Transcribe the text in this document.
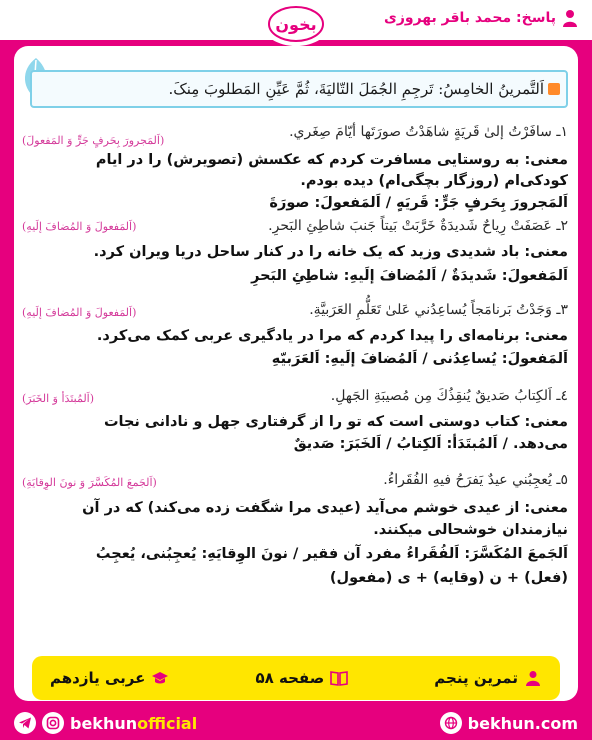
پاسخ: محمد باقر بهروزی
بخون
اَلتَّمرینُ الخامِسُ: تَرجِمِ الجُمَلَ التّالیَةَ، ثُمَّ عَیِّنِ المَطلوبَ مِنکَ.
١ـ سافَرْتُ إلیٰ قَریَةٍ شاهَدْتُ صورَتَها أیّامَ صِغَري.
(اَلمَجرورَ بِحَرفٍ جَرٍّ وَ المَفعولَ)
معنی: به روستایی مسافرت کردم که عکسش (تصویرش) را در ایام
کودکی‌ام (روزگار بچگی‌ام) دیده بودم.
اَلمَجرورَ بِحَرفٍ جَرٍّ: قَریَهٍ / اَلمَفعولَ: صورَةَ
٢ـ عَصَفَتْ رِیاحٌ شَدیدَةٌ خَرَّبَتْ بَیتاً جَنبَ شاطِئِ البَحرِ.
(اَلمَفعولَ وَ المُضافَ إلَیهِ)
معنی: باد شدیدی وزید که یک خانه را در کنار ساحل دریا ویران کرد.
اَلمَفعولَ: شَدیدَةٌ / اَلمُضافَ إلَیهِ: شاطِئِ البَحرِ
٣ـ وَجَدْتُ بَرنامَجاً یُساعِدُني عَلیٰ تَعَلُّمِ العَرَبیَّةِ.
(اَلمَفعولَ وَ المُضافَ إلَیهِ)
معنی: برنامه‌ای را پیدا کردم که مرا در یادگیری عربی کمک می‌کرد.
اَلمَفعولَ: یُساعِدُنی / اَلمُضافَ إلَیهِ: اَلعَرَبیّهِ
٤ـ اَلکِتابُ صَدیقٌ یُنقِذُكَ مِن مُصیبَةِ الجَهلِ.
(اَلمُبتَدَأ وَ الخَبَرَ)
معنی: کتاب دوستی است که تو را از گرفتاری جهل و نادانی نجات
می‌دهد. / اَلمُبتَدَأ: اَلکِتابُ / اَلخَبَرَ: صَدیقٌ
٥ـ یُعجِبُني عیدٌ یَفرَحُ فیهِ الفُقَراءُ.
(اَلجَمعَ المُکَسَّرَ وَ نونَ الوِقایَةِ)
معنی: از عیدی خوشم می‌آید (عیدی مرا شگفت زده می‌کند) که در آن
نیازمندان خوشحالی میکنند.
اَلجَمعَ المُکَسَّرَ: اَلفُقَراءُ مفرد آن فقیر / نونَ الوِقایَهِ: یُعجِبُنی، یُعجِبُ
(فعل) + ن (وقایه) + ی (مفعول)
تمرین پنجم
صفحه ۵۸
عربی یازدهم
bekhun official	bekhun.com
